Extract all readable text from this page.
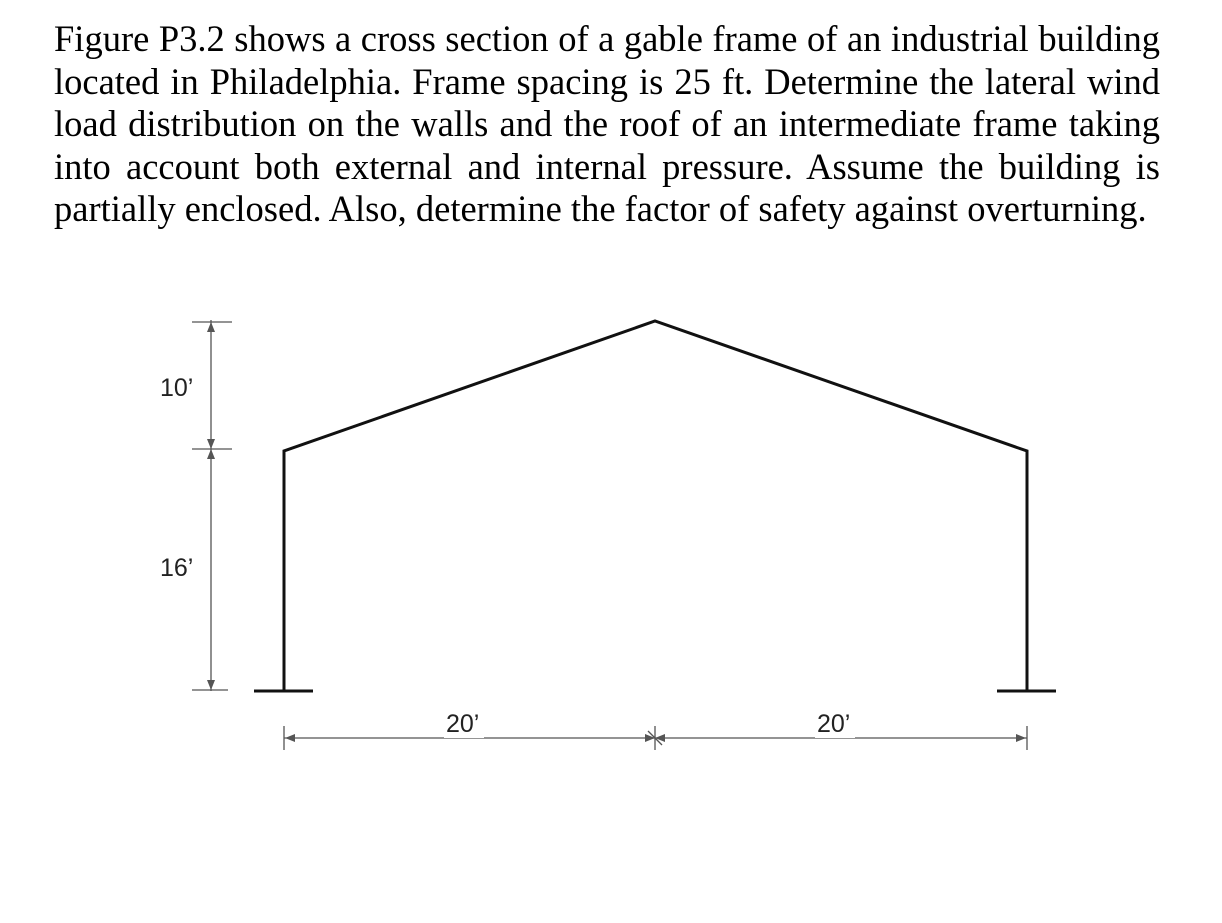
Figure P3.2 shows a cross section of a gable frame of an industrial building located in Philadelphia. Frame spacing is 25 ft. Determine the lateral wind load distribution on the walls and the roof of an intermediate frame taking into account both external and internal pressure. Assume the building is partially enclosed. Also, determine the factor of safety against overturning.

10’
16’
20’	20’
